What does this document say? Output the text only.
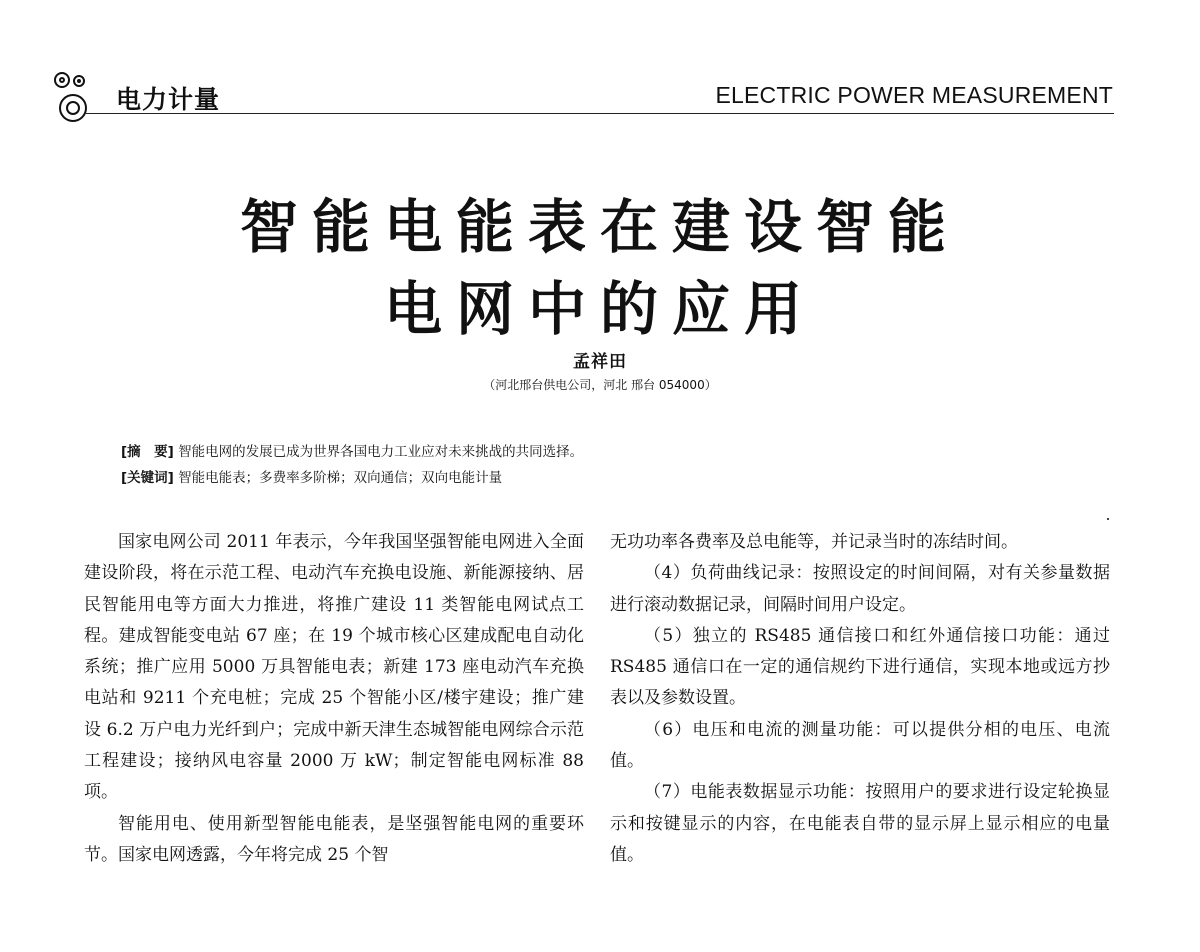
电力计量	ELECTRIC POWER MEASUREMENT
智能电能表在建设智能
电网中的应用
孟祥田
（河北邢台供电公司，河北 邢台 054000）
[摘　要] 智能电网的发展已成为世界各国电力工业应对未来挑战的共同选择。
[关键词] 智能电能表；多费率多阶梯；双向通信；双向电能计量

国家电网公司 2011 年表示，今年我国坚强智能电网进入全面建设阶段，将在示范工程、电动汽车充换电设施、新能源接纳、居民智能用电等方面大力推进，将推广建设 11 类智能电网试点工程。建成智能变电站 67 座；在 19 个城市核心区建成配电自动化系统；推广应用 5000 万具智能电表；新建 173 座电动汽车充换电站和 9211 个充电桩；完成 25 个智能小区/楼宇建设；推广建设 6.2 万户电力光纤到户；完成中新天津生态城智能电网综合示范工程建设；接纳风电容量 2000 万 kW；制定智能电网标准 88 项。

智能用电、使用新型智能电能表，是坚强智能电网的重要环节。国家电网透露，今年将完成 25 个智

无功功率各费率及总电能等，并记录当时的冻结时间。

（4）负荷曲线记录：按照设定的时间间隔，对有关参量数据进行滚动数据记录，间隔时间用户设定。

（5）独立的 RS485 通信接口和红外通信接口功能：通过 RS485 通信口在一定的通信规约下进行通信，实现本地或远方抄表以及参数设置。

（6）电压和电流的测量功能：可以提供分相的电压、电流值。

（7）电能表数据显示功能：按照用户的要求进行设定轮换显示和按键显示的内容，在电能表自带的显示屏上显示相应的电量值。
